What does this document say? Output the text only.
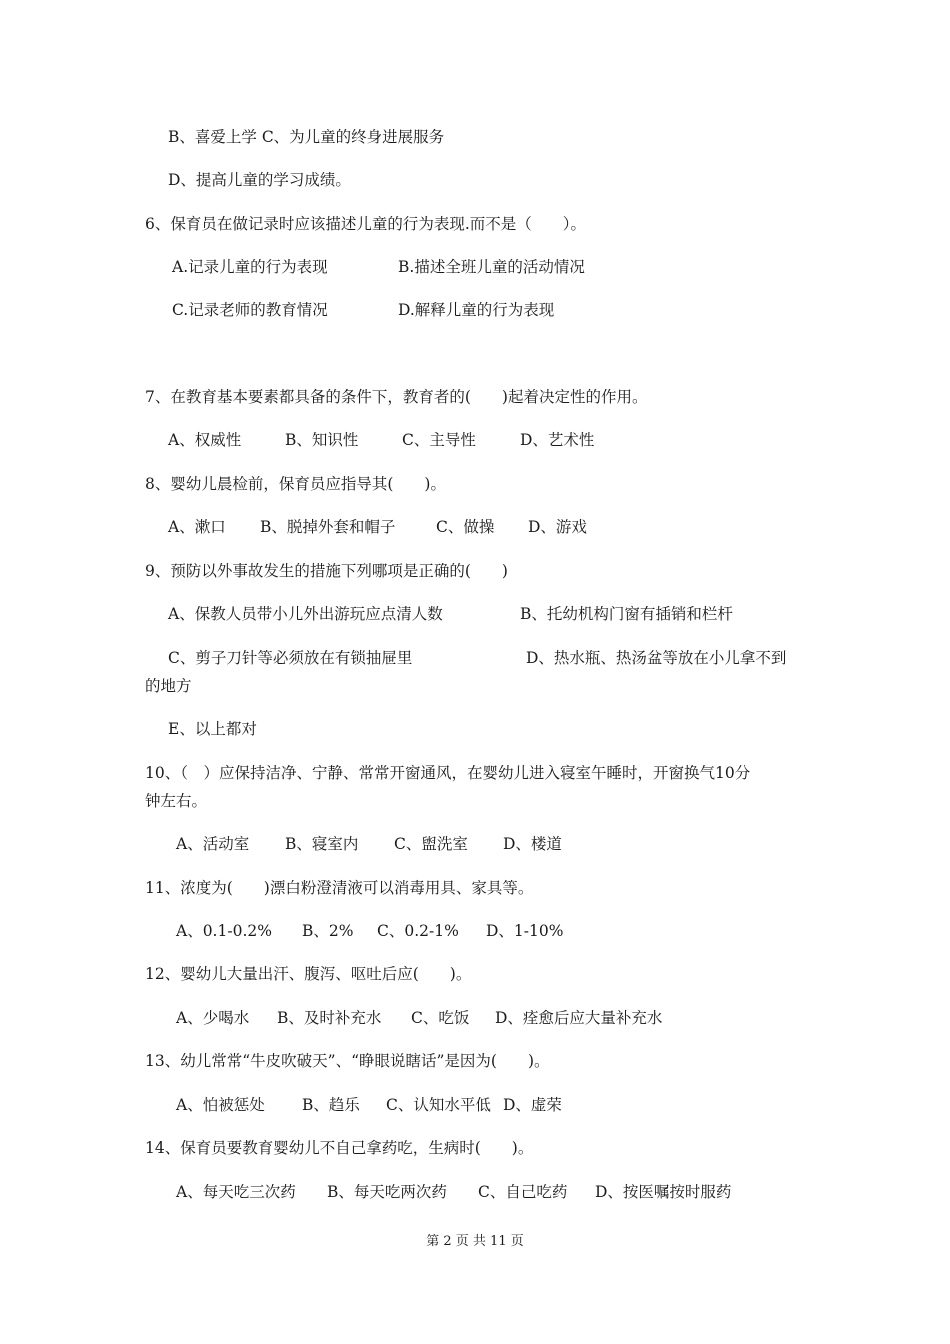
B、喜爱上学 C、为儿童的终身进展服务
D、提高儿童的学习成绩。
6、保育员在做记录时应该描述儿童的行为表现.而不是（　　）。
A.记录儿童的行为表现	B.描述全班儿童的活动情况
C.记录老师的教育情况	D.解释儿童的行为表现
7、在教育基本要素都具备的条件下，教育者的(　　)起着决定性的作用。
A、权威性	B、知识性	C、主导性	D、艺术性
8、婴幼儿晨检前，保育员应指导其(　　)。
A、漱口 B、脱掉外套和帽子	C、做操 D、游戏
9、预防以外事故发生的措施下列哪项是正确的(　　)
A、保教人员带小儿外出游玩应点清人数	B、托幼机构门窗有插销和栏杆
C、剪子刀针等必须放在有锁抽屉里	D、热水瓶、热汤盆等放在小儿拿不到
的地方
E、以上都对
10、（　）应保持洁净、宁静、常常开窗通风，在婴幼儿进入寝室午睡时，开窗换气10分
钟左右。
A、活动室 B、寝室内 C、盥洗室 D、楼道
11、浓度为(　　)漂白粉澄清液可以消毒用具、家具等。
A、0.1-0.2% B、2% C、0.2-1% D、1-10%
12、婴幼儿大量出汗、腹泻、呕吐后应(　　)。
A、少喝水 B、及时补充水 C、吃饭 D、痊愈后应大量补充水
13、幼儿常常“牛皮吹破天”、“睁眼说瞎话”是因为(　　)。
A、怕被惩处 B、趋乐 C、认知水平低 D、虚荣
14、保育员要教育婴幼儿不自己拿药吃，生病时(　　)。
A、每天吃三次药 B、每天吃两次药 C、自己吃药 D、按医嘱按时服药
第 2 页 共 11 页
